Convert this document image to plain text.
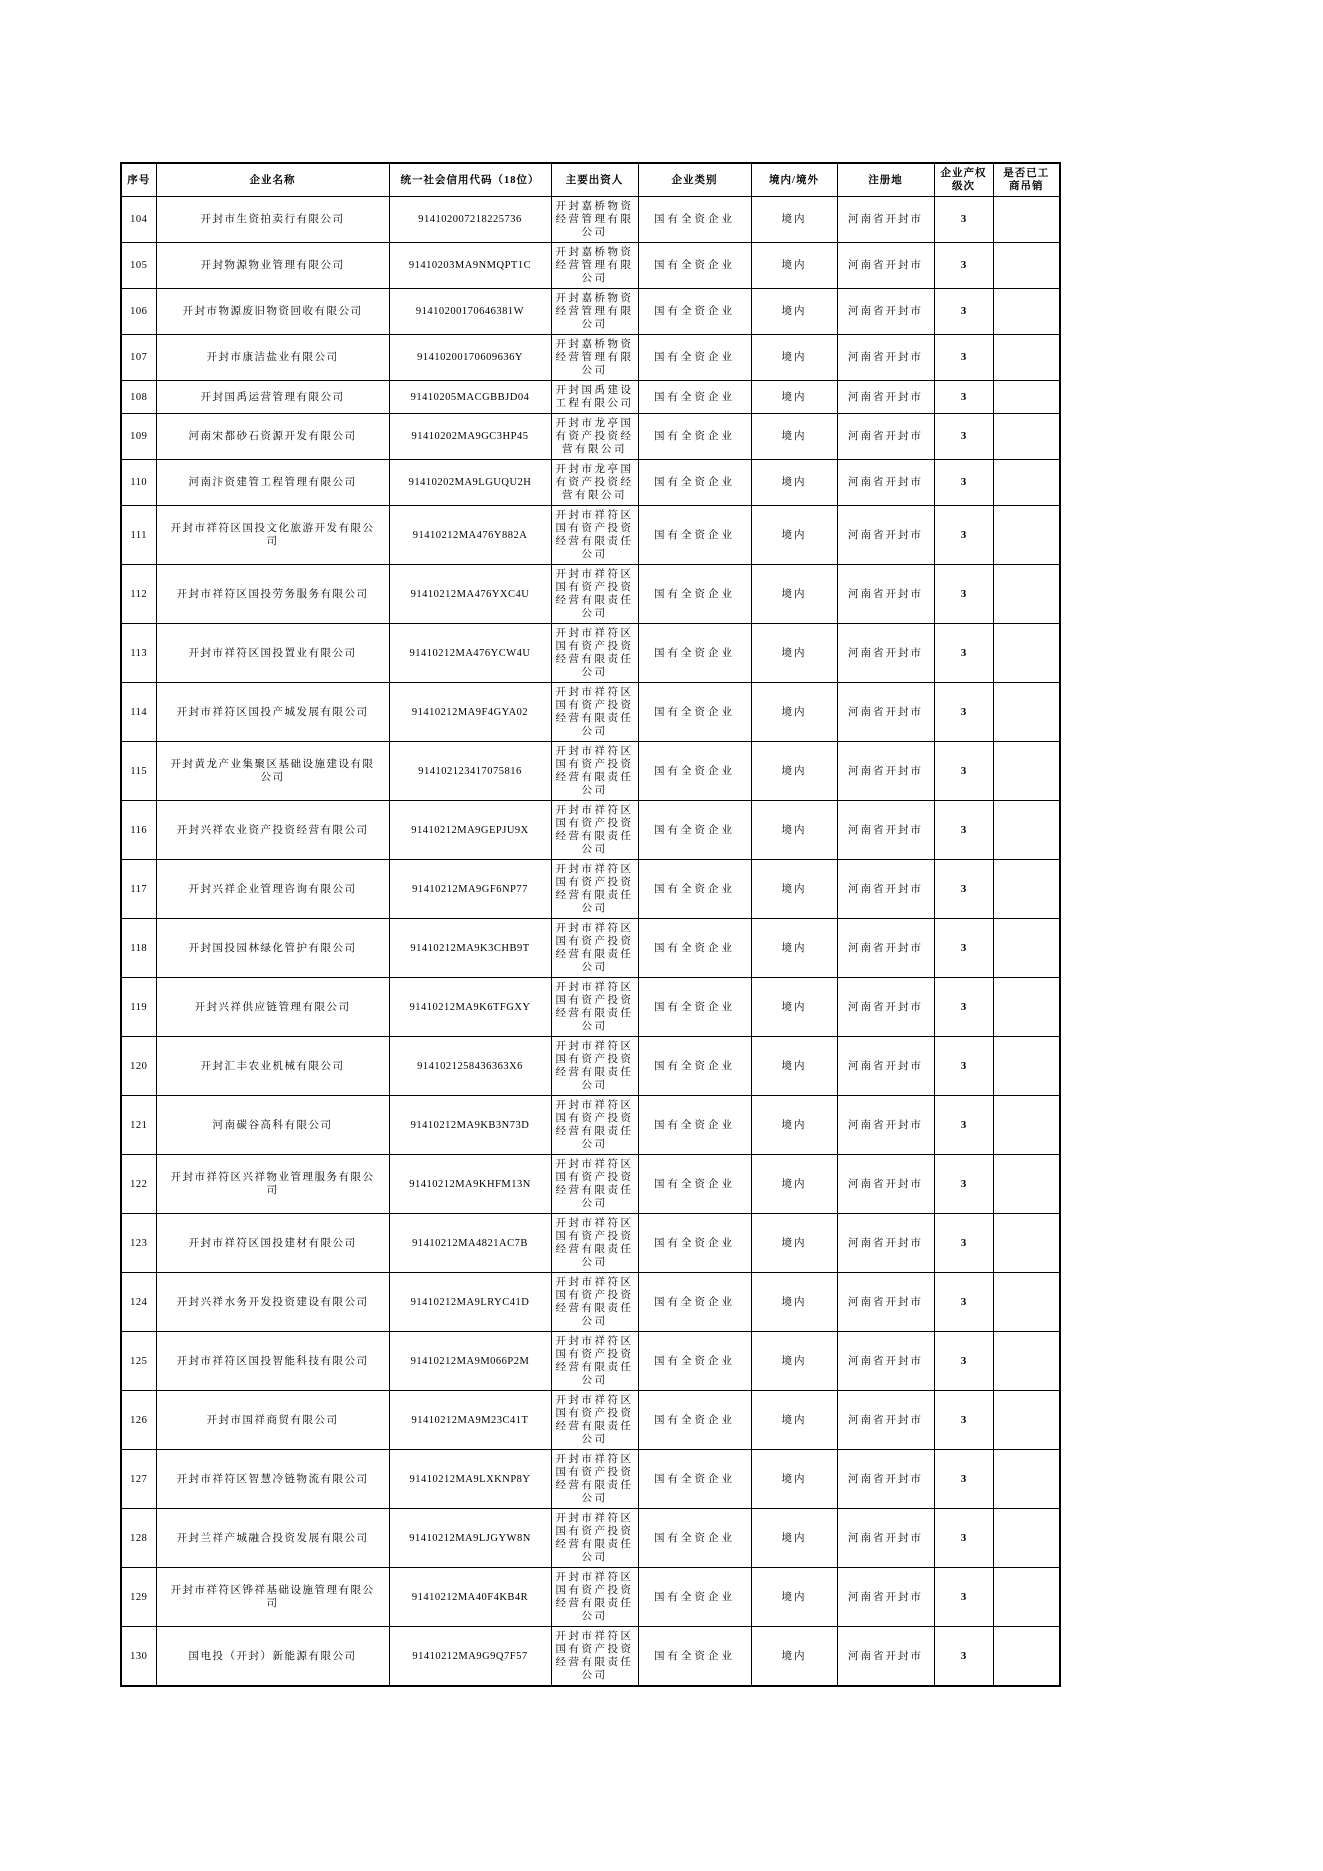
序号	企业名称	统一社会信用代码（18位）	主要出资人	企业类别	境内/境外	注册地	企业产权级次	是否已工商吊销
104	开封市生资拍卖行有限公司	914102007218225736	开封嘉桥物资经营管理有限公司	国有全资企业	境内	河南省开封市	3	
105	开封物源物业管理有限公司	91410203MA9NMQPT1C	开封嘉桥物资经营管理有限公司	国有全资企业	境内	河南省开封市	3	
106	开封市物源废旧物资回收有限公司	91410200170646381W	开封嘉桥物资经营管理有限公司	国有全资企业	境内	河南省开封市	3	
107	开封市康洁盐业有限公司	91410200170609636Y	开封嘉桥物资经营管理有限公司	国有全资企业	境内	河南省开封市	3	
108	开封国禹运营管理有限公司	91410205MACGBBJD04	开封国禹建设工程有限公司	国有全资企业	境内	河南省开封市	3	
109	河南宋都砂石资源开发有限公司	91410202MA9GC3HP45	开封市龙亭国有资产投资经营有限公司	国有全资企业	境内	河南省开封市	3	
110	河南汴资建管工程管理有限公司	91410202MA9LGUQU2H	开封市龙亭国有资产投资经营有限公司	国有全资企业	境内	河南省开封市	3	
111	开封市祥符区国投文化旅游开发有限公司	91410212MA476Y882A	开封市祥符区国有资产投资经营有限责任公司	国有全资企业	境内	河南省开封市	3	
112	开封市祥符区国投劳务服务有限公司	91410212MA476YXC4U	开封市祥符区国有资产投资经营有限责任公司	国有全资企业	境内	河南省开封市	3	
113	开封市祥符区国投置业有限公司	91410212MA476YCW4U	开封市祥符区国有资产投资经营有限责任公司	国有全资企业	境内	河南省开封市	3	
114	开封市祥符区国投产城发展有限公司	91410212MA9F4GYA02	开封市祥符区国有资产投资经营有限责任公司	国有全资企业	境内	河南省开封市	3	
115	开封黄龙产业集聚区基础设施建设有限公司	914102123417075816	开封市祥符区国有资产投资经营有限责任公司	国有全资企业	境内	河南省开封市	3	
116	开封兴祥农业资产投资经营有限公司	91410212MA9GEPJU9X	开封市祥符区国有资产投资经营有限责任公司	国有全资企业	境内	河南省开封市	3	
117	开封兴祥企业管理咨询有限公司	91410212MA9GF6NP77	开封市祥符区国有资产投资经营有限责任公司	国有全资企业	境内	河南省开封市	3	
118	开封国投园林绿化管护有限公司	91410212MA9K3CHB9T	开封市祥符区国有资产投资经营有限责任公司	国有全资企业	境内	河南省开封市	3	
119	开封兴祥供应链管理有限公司	91410212MA9K6TFGXY	开封市祥符区国有资产投资经营有限责任公司	国有全资企业	境内	河南省开封市	3	
120	开封汇丰农业机械有限公司	9141021258436363X6	开封市祥符区国有资产投资经营有限责任公司	国有全资企业	境内	河南省开封市	3	
121	河南碳谷高科有限公司	91410212MA9KB3N73D	开封市祥符区国有资产投资经营有限责任公司	国有全资企业	境内	河南省开封市	3	
122	开封市祥符区兴祥物业管理服务有限公司	91410212MA9KHFM13N	开封市祥符区国有资产投资经营有限责任公司	国有全资企业	境内	河南省开封市	3	
123	开封市祥符区国投建材有限公司	91410212MA4821AC7B	开封市祥符区国有资产投资经营有限责任公司	国有全资企业	境内	河南省开封市	3	
124	开封兴祥水务开发投资建设有限公司	91410212MA9LRYC41D	开封市祥符区国有资产投资经营有限责任公司	国有全资企业	境内	河南省开封市	3	
125	开封市祥符区国投智能科技有限公司	91410212MA9M066P2M	开封市祥符区国有资产投资经营有限责任公司	国有全资企业	境内	河南省开封市	3	
126	开封市国祥商贸有限公司	91410212MA9M23C41T	开封市祥符区国有资产投资经营有限责任公司	国有全资企业	境内	河南省开封市	3	
127	开封市祥符区智慧冷链物流有限公司	91410212MA9LXKNP8Y	开封市祥符区国有资产投资经营有限责任公司	国有全资企业	境内	河南省开封市	3	
128	开封兰祥产城融合投资发展有限公司	91410212MA9LJGYW8N	开封市祥符区国有资产投资经营有限责任公司	国有全资企业	境内	河南省开封市	3	
129	开封市祥符区铧祥基础设施管理有限公司	91410212MA40F4KB4R	开封市祥符区国有资产投资经营有限责任公司	国有全资企业	境内	河南省开封市	3	
130	国电投（开封）新能源有限公司	91410212MA9G9Q7F57	开封市祥符区国有资产投资经营有限责任公司	国有全资企业	境内	河南省开封市	3	
